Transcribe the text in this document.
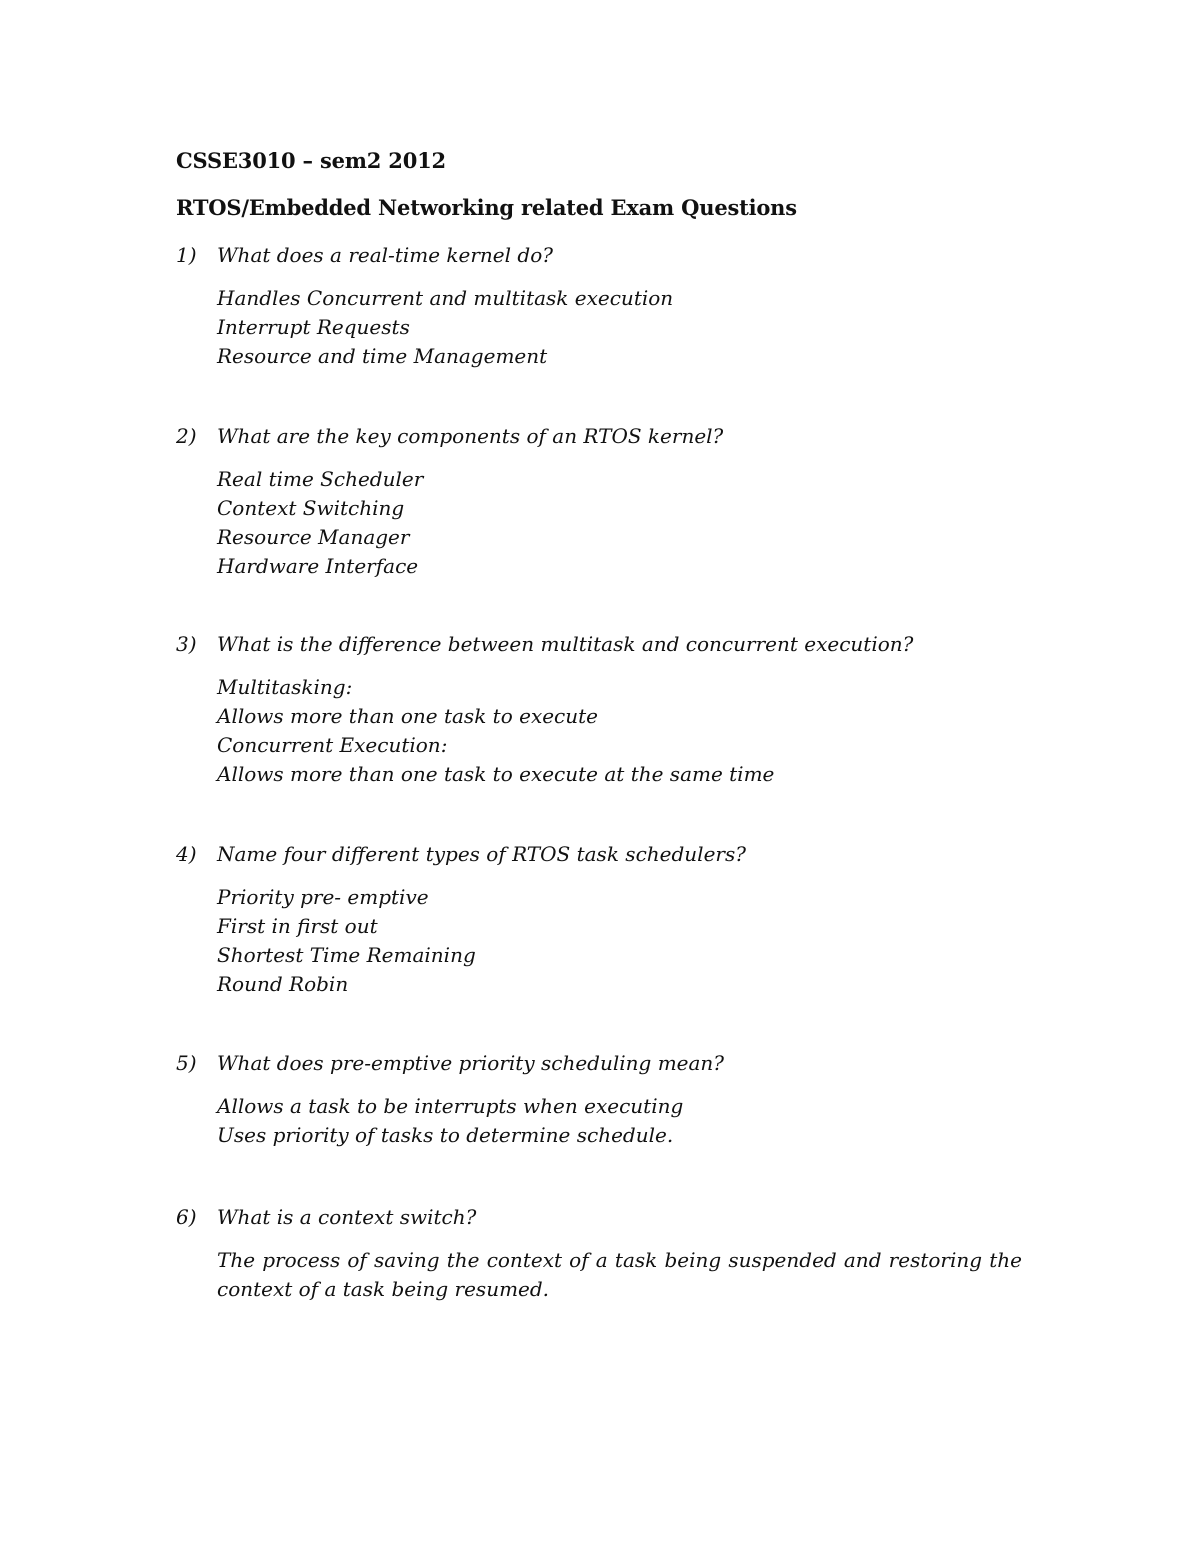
CSSE3010 – sem2 2012
RTOS/Embedded Networking related Exam Questions
1) What does a real-time kernel do?
Handles Concurrent and multitask execution
Interrupt Requests
Resource and time Management
2) What are the key components of an RTOS kernel?
Real time Scheduler
Context Switching
Resource Manager
Hardware Interface
3) What is the difference between multitask and concurrent execution?
Multitasking:
Allows more than one task to execute
Concurrent Execution:
Allows more than one task to execute at the same time
4) Name four different types of RTOS task schedulers?
Priority pre- emptive
First in first out
Shortest Time Remaining
Round Robin
5) What does pre-emptive priority scheduling mean?
Allows a task to be interrupts when executing
Uses priority of tasks to determine schedule.
6) What is a context switch?
The process of saving the context of a task being suspended and restoring the
context of a task being resumed.
